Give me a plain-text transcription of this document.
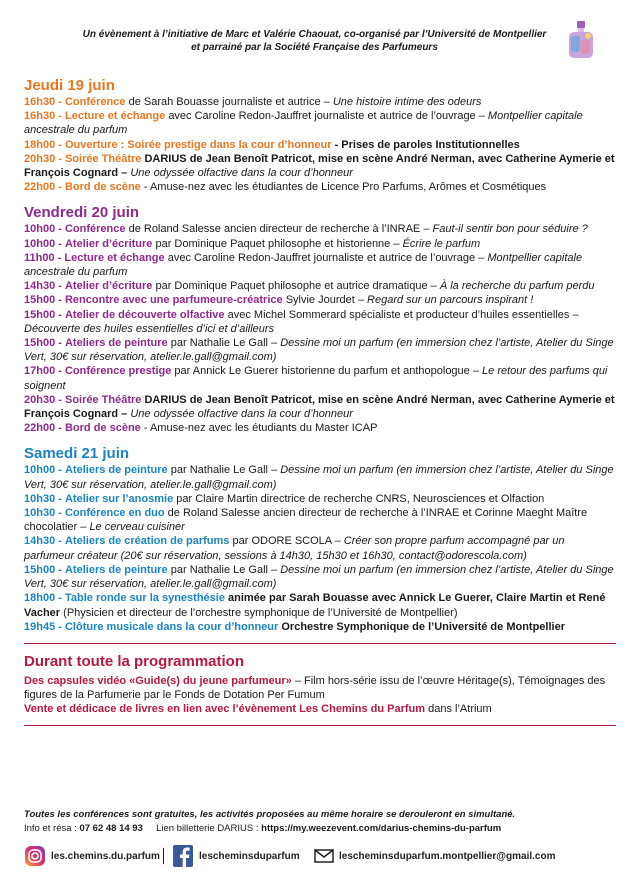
Un évènement à l’initiative de Marc et Valérie Chaouat, co-organisé par l’Université de Montpellier
et parrainé par la Société Française des Parfumeurs

Jeudi 19 juin

16h30 - Conférence de Sarah Bouasse journaliste et autrice – Une histoire intime des odeurs

16h30 - Lecture et échange avec Caroline Redon-Jauffret journaliste et autrice de l’ouvrage – Montpellier capitale ancestrale du parfum

18h00 - Ouverture : Soirée prestige dans la cour d’honneur - Prises de paroles Institutionnelles

20h30 - Soirée Théâtre DARIUS de Jean Benoît Patricot, mise en scène André Nerman, avec Catherine Aymerie et François Cognard – Une odyssée olfactive dans la cour d’honneur

22h00 - Bord de scène - Amuse-nez avec les étudiantes de Licence Pro Parfums, Arômes et Cosmétiques

Vendredi 20 juin

10h00 - Conférence de Roland Salesse ancien directeur de recherche à l’INRAE – Faut-il sentir bon pour séduire ?

10h00 - Atelier d’écriture par Dominique Paquet philosophe et historienne – Écrire le parfum

11h00 - Lecture et échange avec Caroline Redon-Jauffret journaliste et autrice de l’ouvrage – Montpellier capitale ancestrale du parfum

14h30 - Atelier d’écriture par Dominique Paquet philosophe et autrice dramatique – À la recherche du parfum perdu

15h00 - Rencontre avec une parfumeure-créatrice Sylvie Jourdet – Regard sur un parcours inspirant !

15h00 - Atelier de découverte olfactive avec Michel Sommerard spécialiste et producteur d’huiles essentielles – Découverte des huiles essentielles d’ici et d’ailleurs

15h00 - Ateliers de peinture par Nathalie Le Gall – Dessine moi un parfum (en immersion chez l’artiste, Atelier du Singe Vert, 30€ sur réservation, atelier.le.gall@gmail.com)

17h00 - Conférence prestige par Annick Le Guerer historienne du parfum et anthopologue – Le retour des parfums qui soignent

20h30 - Soirée Théâtre DARIUS de Jean Benoît Patricot, mise en scène André Nerman, avec Catherine Aymerie et François Cognard – Une odyssée olfactive dans la cour d’honneur

22h00 - Bord de scène - Amuse-nez avec les étudiants du Master ICAP

Samedi 21 juin

10h00 - Ateliers de peinture par Nathalie Le Gall – Dessine moi un parfum (en immersion chez l’artiste, Atelier du Singe Vert, 30€ sur réservation, atelier.le.gall@gmail.com)

10h30 - Atelier sur l’anosmie par Claire Martin directrice de recherche CNRS, Neurosciences et Olfaction

10h30 - Conférence en duo de Roland Salesse ancien directeur de recherche à l’INRAE et Corinne Maeght Maître chocolatier – Le cerveau cuisiner

14h30 - Ateliers de création de parfums par ODORE SCOLA – Créer son propre parfum accompagné par un parfumeur créateur (20€ sur réservation, sessions à 14h30, 15h30 et 16h30, contact@odorescola.com)

15h00 - Ateliers de peinture par Nathalie Le Gall – Dessine moi un parfum (en immersion chez l’artiste, Atelier du Singe Vert, 30€ sur réservation, atelier.le.gall@gmail.com)

18h00 - Table ronde sur la synesthésie animée par Sarah Bouasse avec Annick Le Guerer, Claire Martin et René Vacher (Physicien et directeur de l’orchestre symphonique de l’Université de Montpellier)

19h45 - Clôture musicale dans la cour d’honneur Orchestre Symphonique de l’Université de Montpellier

Durant toute la programmation

Des capsules vidéo «Guide(s) du jeune parfumeur» – Film hors-série issu de l’œuvre Héritage(s), Témoignages des figures de la Parfumerie par le Fonds de Dotation Per Fumum

Vente et dédicace de livres en lien avec l’évènement Les Chemins du Parfum dans l’Atrium

Toutes les conférences sont gratuites, les activités proposées au même horaire se derouleront en simultané.
Info et résa : 07 62 48 14 93 Lien billetterie DARIUS : https://my.weezevent.com/darius-chemins-du-parfum
les.chemins.du.parfum	lescheminsduparfum	lescheminsduparfum.montpellier@gmail.com
